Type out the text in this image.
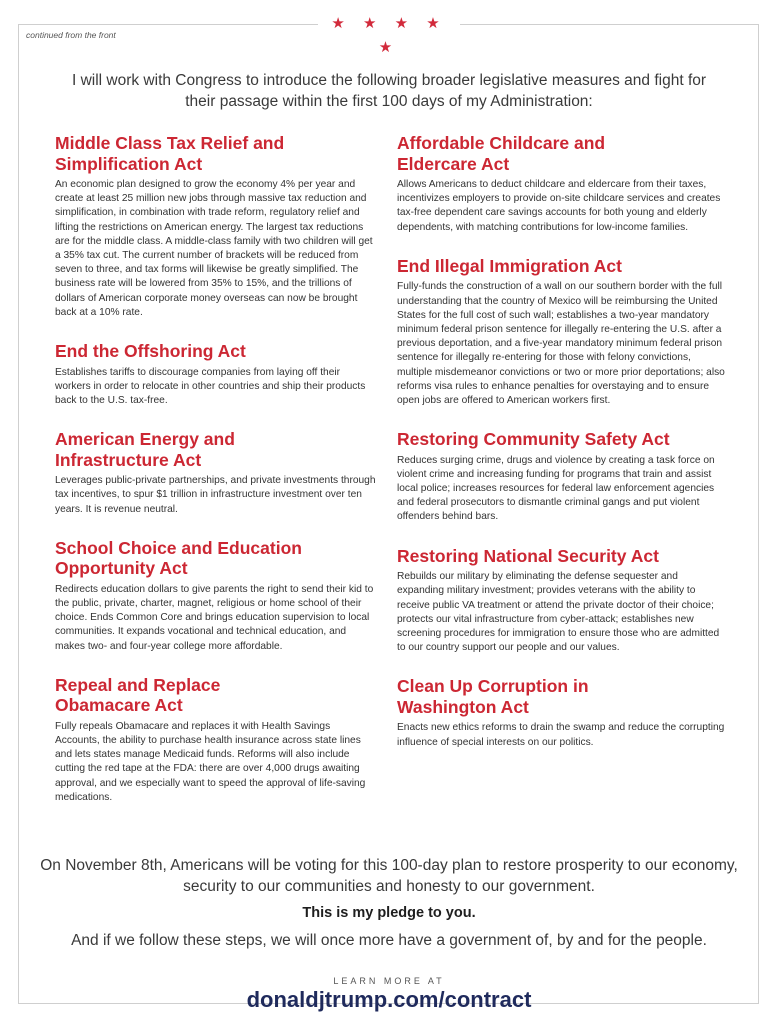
★ ★ ★ ★ ★
continued from the front
I will work with Congress to introduce the following broader legislative measures and fight for their passage within the first 100 days of my Administration:
Middle Class Tax Relief and
Simplification Act

An economic plan designed to grow the economy 4% per year and create at least 25 million new jobs through massive tax reduction and simplification, in combination with trade reform, regulatory relief and lifting the restrictions on American energy. The largest tax reductions are for the middle class. A middle-class family with two children will get a 35% tax cut. The current number of brackets will be reduced from seven to three, and tax forms will likewise be greatly simplified. The business rate will be lowered from 35% to 15%, and the trillions of dollars of American corporate money overseas can now be brought back at a 10% rate.

End the Offshoring Act

Establishes tariffs to discourage companies from laying off their workers in order to relocate in other countries and ship their products back to the U.S. tax-free.

American Energy and
Infrastructure Act

Leverages public-private partnerships, and private investments through tax incentives, to spur $1 trillion in infrastructure investment over ten years. It is revenue neutral.

School Choice and Education
Opportunity Act

Redirects education dollars to give parents the right to send their kid to the public, private, charter, magnet, religious or home school of their choice. Ends Common Core and brings education supervision to local communities. It expands vocational and technical education, and makes two- and four-year college more affordable.

Repeal and Replace
Obamacare Act

Fully repeals Obamacare and replaces it with Health Savings Accounts, the ability to purchase health insurance across state lines and lets states manage Medicaid funds. Reforms will also include cutting the red tape at the FDA: there are over 4,000 drugs awaiting approval, and we especially want to speed the approval of life-saving medications.

Affordable Childcare and
Eldercare Act

Allows Americans to deduct childcare and eldercare from their taxes, incentivizes employers to provide on-site childcare services and creates tax-free dependent care savings accounts for both young and elderly dependents, with matching contributions for low-income families.

End Illegal Immigration Act

Fully-funds the construction of a wall on our southern border with the full understanding that the country of Mexico will be reimbursing the United States for the full cost of such wall; establishes a two-year mandatory minimum federal prison sentence for illegally re-entering the U.S. after a previous deportation, and a five-year mandatory minimum federal prison sentence for illegally re-entering for those with felony convictions, multiple misdemeanor convictions or two or more prior deportations; also reforms visa rules to enhance penalties for overstaying and to ensure open jobs are offered to American workers first.

Restoring Community Safety Act

Reduces surging crime, drugs and violence by creating a task force on violent crime and increasing funding for programs that train and assist local police; increases resources for federal law enforcement agencies and federal prosecutors to dismantle criminal gangs and put violent offenders behind bars.

Restoring National Security Act

Rebuilds our military by eliminating the defense sequester and expanding military investment; provides veterans with the ability to receive public VA treatment or attend the private doctor of their choice; protects our vital infrastructure from cyber-attack; establishes new screening procedures for immigration to ensure those who are admitted to our country support our people and our values.

Clean Up Corruption in
Washington Act

Enacts new ethics reforms to drain the swamp and reduce the corrupting influence of special interests on our politics.

On November 8th, Americans will be voting for this 100-day plan to restore prosperity to our economy, security to our communities and honesty to our government.
This is my pledge to you.
And if we follow these steps, we will once more have a government of, by and for the people.
LEARN MORE AT
donaldjtrump.com/contract
